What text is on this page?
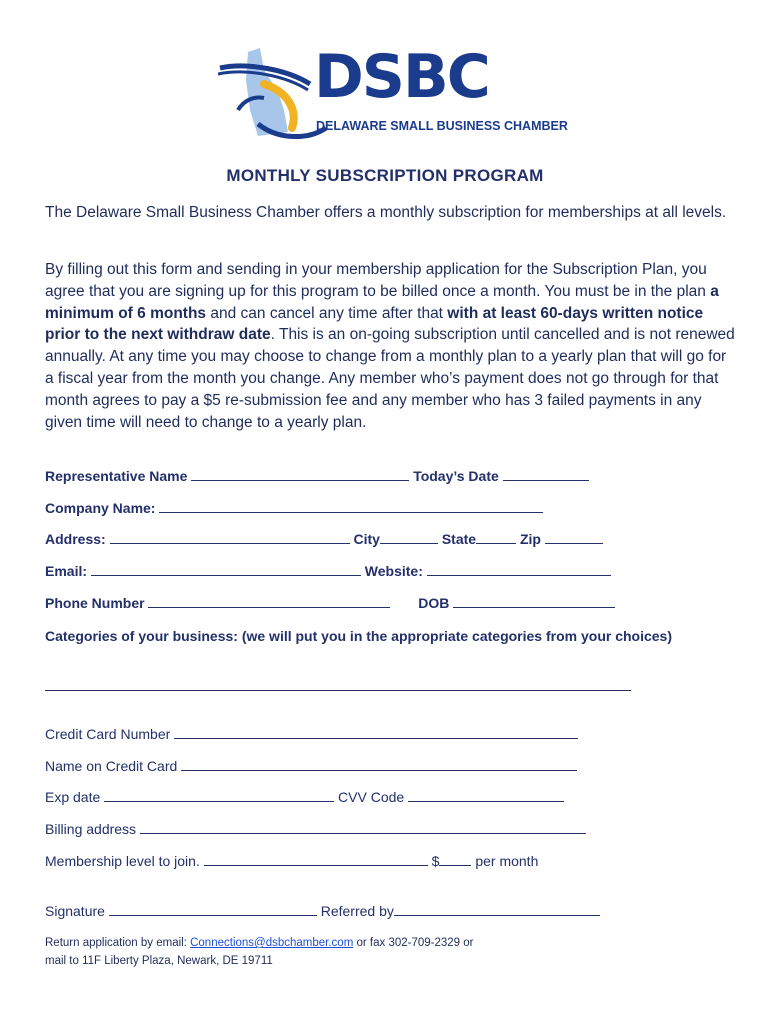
DSBC
DELAWARE SMALL BUSINESS CHAMBER
MONTHLY SUBSCRIPTION PROGRAM
The Delaware Small Business Chamber offers a monthly subscription for memberships at all levels.
By filling out this form and sending in your membership application for the Subscription Plan, you agree that you are signing up for this program to be billed once a month. You must be in the plan a minimum of 6 months and can cancel any time after that with at least 60-days written notice prior to the next withdraw date. This is an on-going subscription until cancelled and is not renewed annually. At any time you may choose to change from a monthly plan to a yearly plan that will go for a fiscal year from the month you change. Any member who’s payment does not go through for that month agrees to pay a $5 re-submission fee and any member who has 3 failed payments in any given time will need to change to a yearly plan.
Representative Name	Today’s Date
Company Name:
Address:	City	State	Zip
Email:	Website:
Phone Number	DOB
Categories of your business: (we will put you in the appropriate categories from your choices)
Credit Card Number
Name on Credit Card
Exp date	CVV Code
Billing address
Membership level to join.	$	per month
Signature	Referred by
Return application by email: Connections@dsbchamber.com or fax 302-709-2329 or
mail to 11F Liberty Plaza, Newark, DE 19711
